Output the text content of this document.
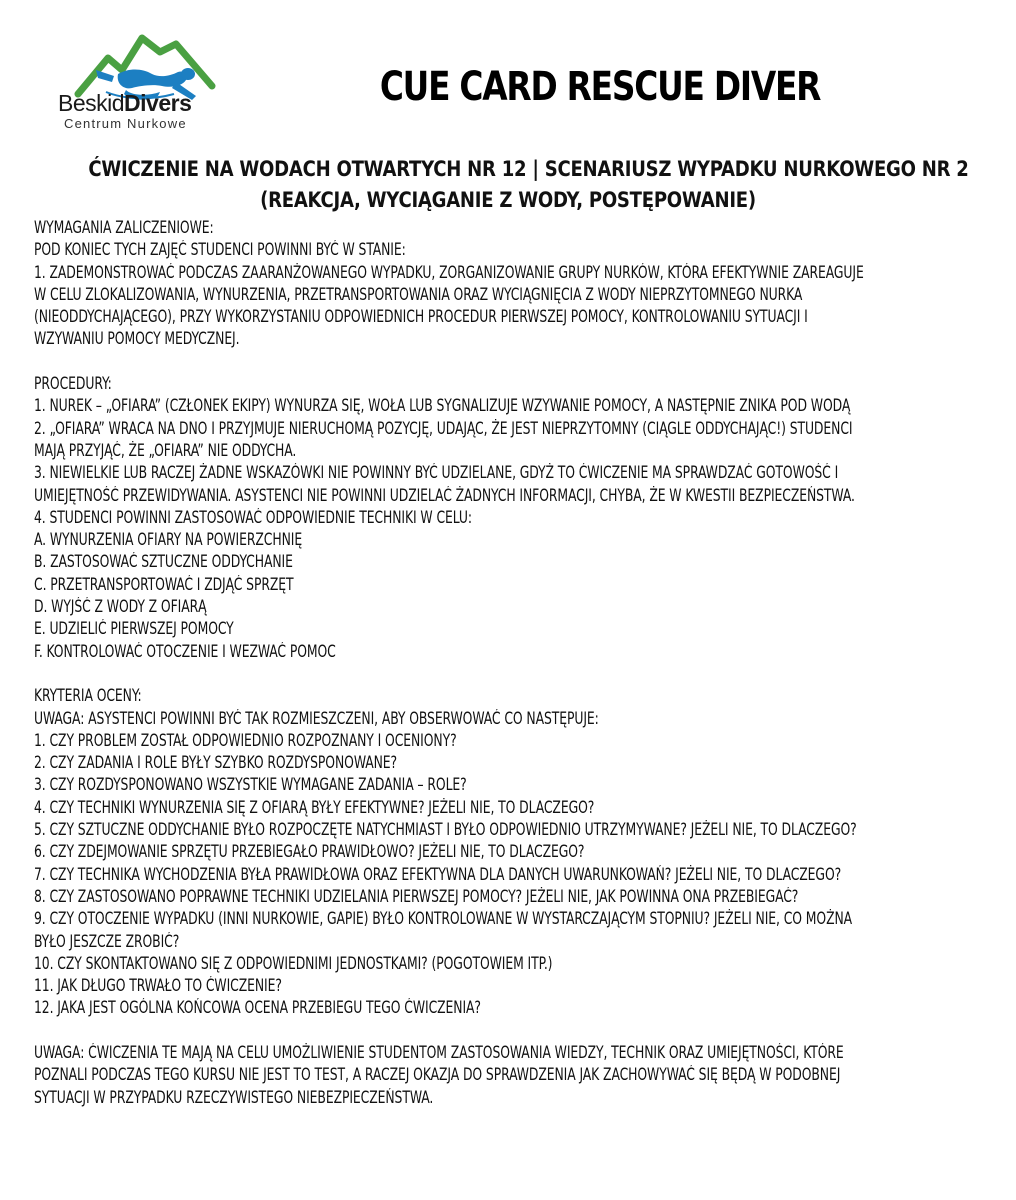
BeskidDivers
Centrum Nurkowe
CUE CARD RESCUE DIVER
ĆWICZENIE NA WODACH OTWARTYCH NR 12 | SCENARIUSZ WYPADKU NURKOWEGO NR 2
(REAKCJA, WYCIĄGANIE Z WODY, POSTĘPOWANIE)
WYMAGANIA ZALICZENIOWE:
POD KONIEC TYCH ZAJĘĆ STUDENCI POWINNI BYĆ W STANIE:
1. ZADEMONSTROWAĆ PODCZAS ZAARANŻOWANEGO WYPADKU, ZORGANIZOWANIE GRUPY NURKÓW, KTÓRA EFEKTYWNIE ZAREAGUJE
W CELU ZLOKALIZOWANIA, WYNURZENIA, PRZETRANSPORTOWANIA ORAZ WYCIĄGNIĘCIA Z WODY NIEPRZYTOMNEGO NURKA
(NIEODDYCHAJĄCEGO), PRZY WYKORZYSTANIU ODPOWIEDNICH PROCEDUR PIERWSZEJ POMOCY, KONTROLOWANIU SYTUACJI I
WZYWANIU POMOCY MEDYCZNEJ.
PROCEDURY:
1. NUREK – „OFIARA” (CZŁONEK EKIPY) WYNURZA SIĘ, WOŁA LUB SYGNALIZUJE WZYWANIE POMOCY, A NASTĘPNIE ZNIKA POD WODĄ
2. „OFIARA” WRACA NA DNO I PRZYJMUJE NIERUCHOMĄ POZYCJĘ, UDAJĄC, ŻE JEST NIEPRZYTOMNY (CIĄGLE ODDYCHAJĄC!) STUDENCI
MAJĄ PRZYJĄĆ, ŻE „OFIARA” NIE ODDYCHA.
3. NIEWIELKIE LUB RACZEJ ŻADNE WSKAZÓWKI NIE POWINNY BYĆ UDZIELANE, GDYŻ TO ĆWICZENIE MA SPRAWDZAĆ GOTOWOŚĆ I
UMIEJĘTNOŚĆ PRZEWIDYWANIA. ASYSTENCI NIE POWINNI UDZIELAĆ ŻADNYCH INFORMACJI, CHYBA, ŻE W KWESTII BEZPIECZEŃSTWA.
4. STUDENCI POWINNI ZASTOSOWAĆ ODPOWIEDNIE TECHNIKI W CELU:
A. WYNURZENIA OFIARY NA POWIERZCHNIĘ
B. ZASTOSOWAĆ SZTUCZNE ODDYCHANIE
C. PRZETRANSPORTOWAĆ I ZDJĄĆ SPRZĘT
D. WYJŚĆ Z WODY Z OFIARĄ
E. UDZIELIĆ PIERWSZEJ POMOCY
F. KONTROLOWAĆ OTOCZENIE I WEZWAĆ POMOC
KRYTERIA OCENY:
UWAGA: ASYSTENCI POWINNI BYĆ TAK ROZMIESZCZENI, ABY OBSERWOWAĆ CO NASTĘPUJE:
1. CZY PROBLEM ZOSTAŁ ODPOWIEDNIO ROZPOZNANY I OCENIONY?
2. CZY ZADANIA I ROLE BYŁY SZYBKO ROZDYSPONOWANE?
3. CZY ROZDYSPONOWANO WSZYSTKIE WYMAGANE ZADANIA – ROLE?
4. CZY TECHNIKI WYNURZENIA SIĘ Z OFIARĄ BYŁY EFEKTYWNE? JEŻELI NIE, TO DLACZEGO?
5. CZY SZTUCZNE ODDYCHANIE BYŁO ROZPOCZĘTE NATYCHMIAST I BYŁO ODPOWIEDNIO UTRZYMYWANE? JEŻELI NIE, TO DLACZEGO?
6. CZY ZDEJMOWANIE SPRZĘTU PRZEBIEGAŁO PRAWIDŁOWO? JEŻELI NIE, TO DLACZEGO?
7. CZY TECHNIKA WYCHODZENIA BYŁA PRAWIDŁOWA ORAZ EFEKTYWNA DLA DANYCH UWARUNKOWAŃ? JEŻELI NIE, TO DLACZEGO?
8. CZY ZASTOSOWANO POPRAWNE TECHNIKI UDZIELANIA PIERWSZEJ POMOCY? JEŻELI NIE, JAK POWINNA ONA PRZEBIEGAĆ?
9. CZY OTOCZENIE WYPADKU (INNI NURKOWIE, GAPIE) BYŁO KONTROLOWANE W WYSTARCZAJĄCYM STOPNIU? JEŻELI NIE, CO MOŻNA
BYŁO JESZCZE ZROBIĆ?
10. CZY SKONTAKTOWANO SIĘ Z ODPOWIEDNIMI JEDNOSTKAMI? (POGOTOWIEM ITP.)
11. JAK DŁUGO TRWAŁO TO ĆWICZENIE?
12. JAKA JEST OGÓLNA KOŃCOWA OCENA PRZEBIEGU TEGO ĆWICZENIA?
UWAGA: ĆWICZENIA TE MAJĄ NA CELU UMOŻLIWIENIE STUDENTOM ZASTOSOWANIA WIEDZY, TECHNIK ORAZ UMIEJĘTNOŚCI, KTÓRE
POZNALI PODCZAS TEGO KURSU NIE JEST TO TEST, A RACZEJ OKAZJA DO SPRAWDZENIA JAK ZACHOWYWAĆ SIĘ BĘDĄ W PODOBNEJ
SYTUACJI W PRZYPADKU RZECZYWISTEGO NIEBEZPIECZEŃSTWA.
